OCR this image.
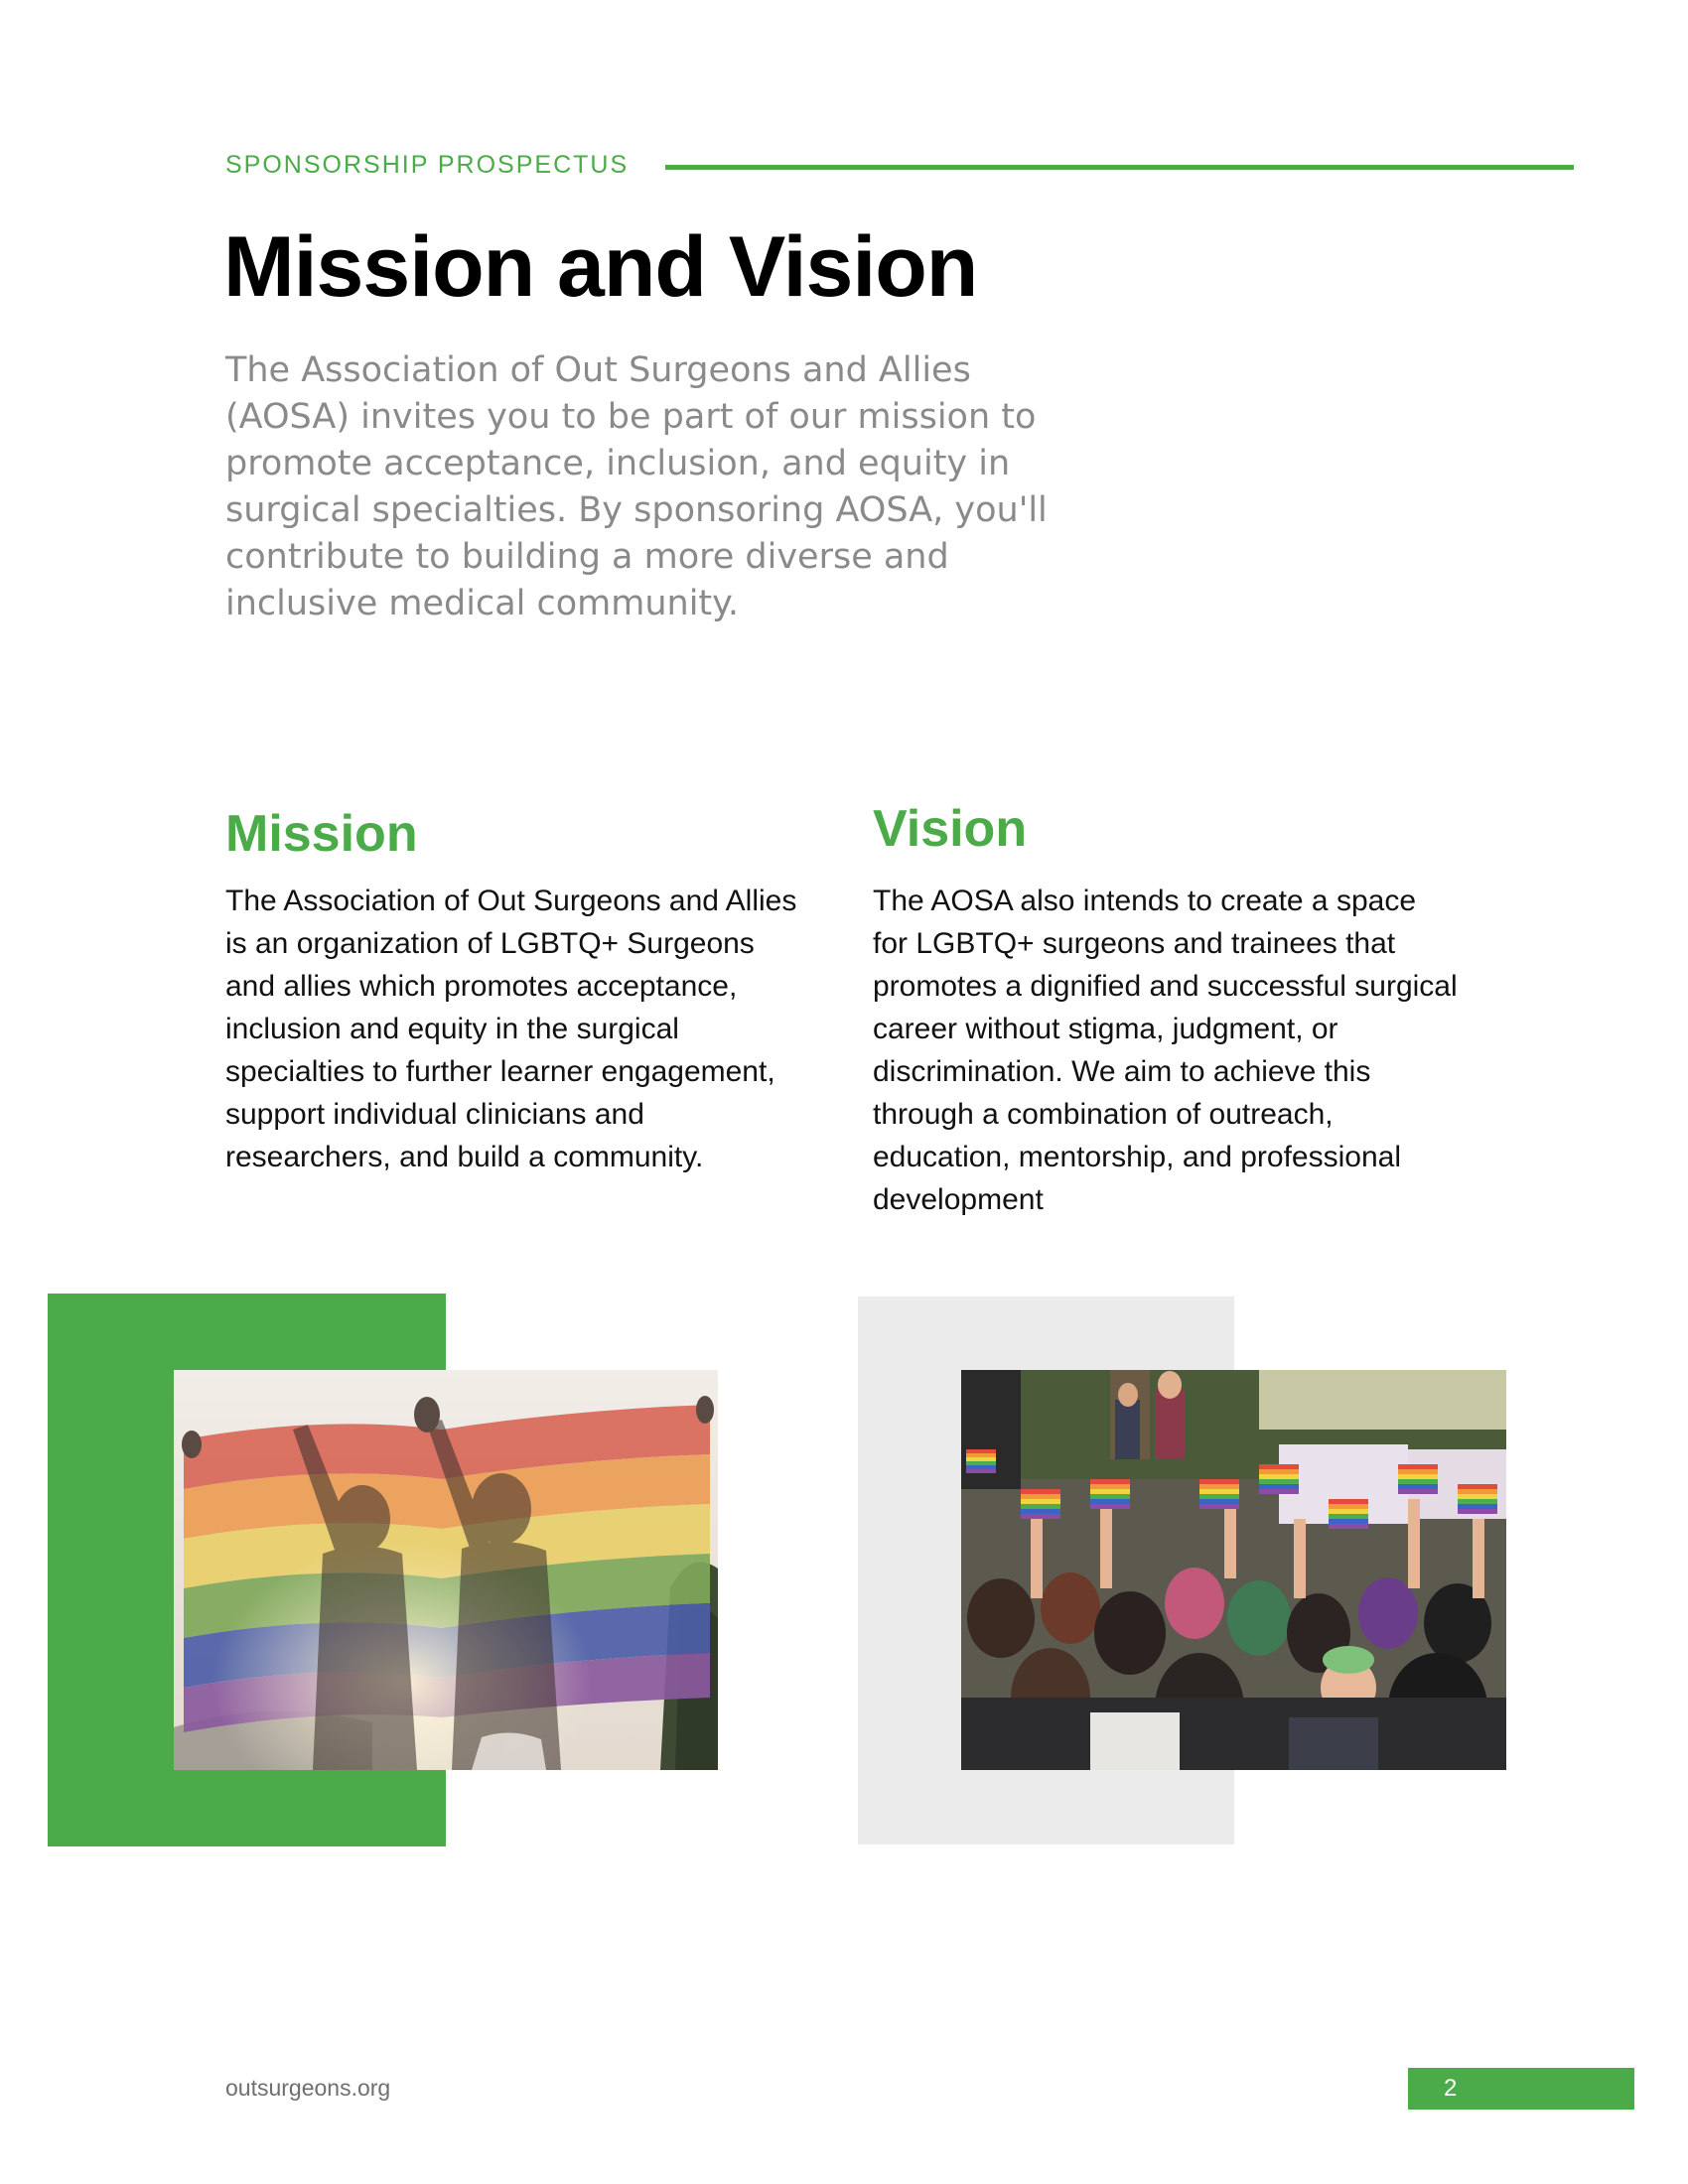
SPONSORSHIP PROSPECTUS
Mission and Vision

The Association of Out Surgeons and Allies (AOSA) invites you to be part of our mission to promote acceptance, inclusion, and equity in surgical specialties. By sponsoring AOSA, you'll contribute to building a more diverse and inclusive medical community.

Mission

The Association of Out Surgeons and Allies is an organization of LGBTQ+ Surgeons and allies which promotes acceptance, inclusion and equity in the surgical specialties to further learner engagement, support individual clinicians and researchers, and build a community.

Vision

The AOSA also intends to create a space for LGBTQ+ surgeons and trainees that promotes a dignified and successful surgical career without stigma, judgment, or discrimination. We aim to achieve this through a combination of outreach, education, mentorship, and professional development

outsurgeons.org	2
